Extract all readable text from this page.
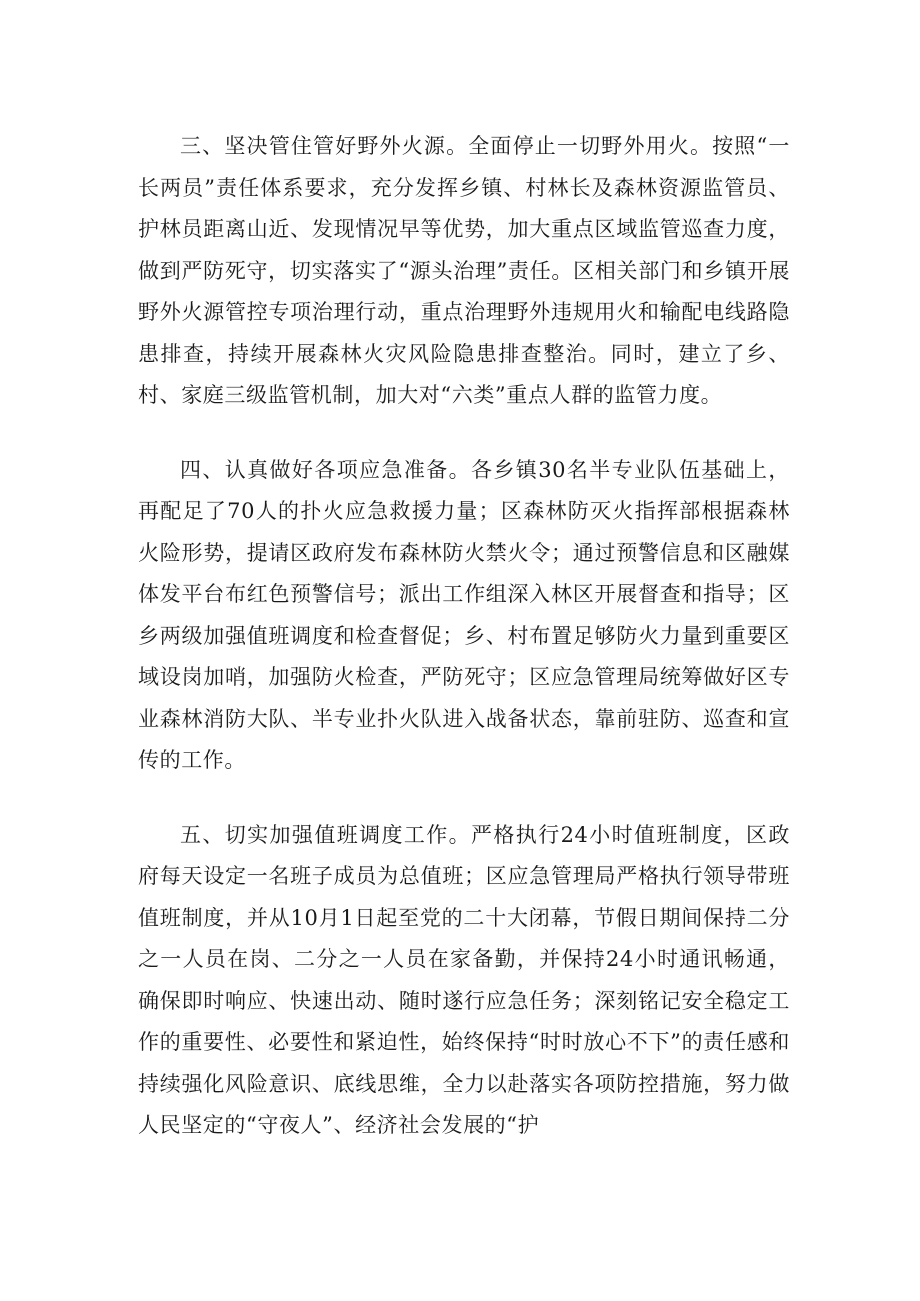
三、坚决管住管好野外火源。全面停止一切野外用火。按照“一长两员”责任体系要求，充分发挥乡镇、村林长及森林资源监管员、护林员距离山近、发现情况早等优势，加大重点区域监管巡查力度，做到严防死守，切实落实了“源头治理”责任。区相关部门和乡镇开展野外火源管控专项治理行动，重点治理野外违规用火和输配电线路隐患排查，持续开展森林火灾风险隐患排查整治。同时，建立了乡、村、家庭三级监管机制，加大对“六类”重点人群的监管力度。

四、认真做好各项应急准备。各乡镇30名半专业队伍基础上，再配足了70人的扑火应急救援力量；区森林防灭火指挥部根据森林火险形势，提请区政府发布森林防火禁火令；通过预警信息和区融媒体发平台布红色预警信号；派出工作组深入林区开展督查和指导；区乡两级加强值班调度和检查督促；乡、村布置足够防火力量到重要区域设岗加哨，加强防火检查，严防死守；区应急管理局统筹做好区专业森林消防大队、半专业扑火队进入战备状态，靠前驻防、巡查和宣传的工作。

五、切实加强值班调度工作。严格执行24小时值班制度，区政府每天设定一名班子成员为总值班；区应急管理局严格执行领导带班值班制度，并从10月1日起至党的二十大闭幕，节假日期间保持二分之一人员在岗、二分之一人员在家备勤，并保持24小时通讯畅通，确保即时响应、快速出动、随时遂行应急任务；深刻铭记安全稳定工作的重要性、必要性和紧迫性，始终保持“时时放心不下”的责任感和持续强化风险意识、底线思维，全力以赴落实各项防控措施，努力做人民坚定的“守夜人”、经济社会发展的“护
